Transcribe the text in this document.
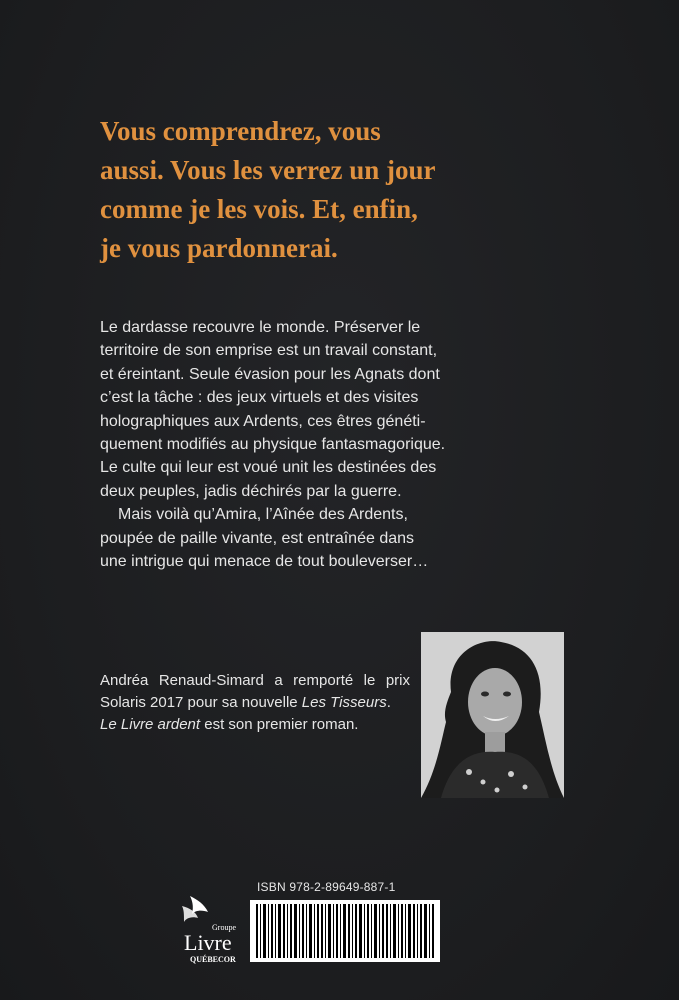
Vous comprendrez, vous
aussi. Vous les verrez un jour
comme je les vois. Et, enfin,
je vous pardonnerai.
Le dardasse recouvre le monde. Préserver le
territoire de son emprise est un travail constant,
et éreintant. Seule évasion pour les Agnats dont
c’est la tâche : des jeux virtuels et des visites
holographiques aux Ardents, ces êtres généti-
quement modifiés au physique fantasmagorique.
Le culte qui leur est voué unit les destinées des
deux peuples, jadis déchirés par la guerre.
Mais voilà qu’Amira, l’Aînée des Ardents,
poupée de paille vivante, est entraînée dans
une intrigue qui menace de tout bouleverser…
Andréa Renaud-Simard a remporté le prix
Solaris 2017 pour sa nouvelle Les Tisseurs.
Le Livre ardent est son premier roman.
Groupe
Livre
QUÉBECOR
ISBN 978-2-89649-887-1
